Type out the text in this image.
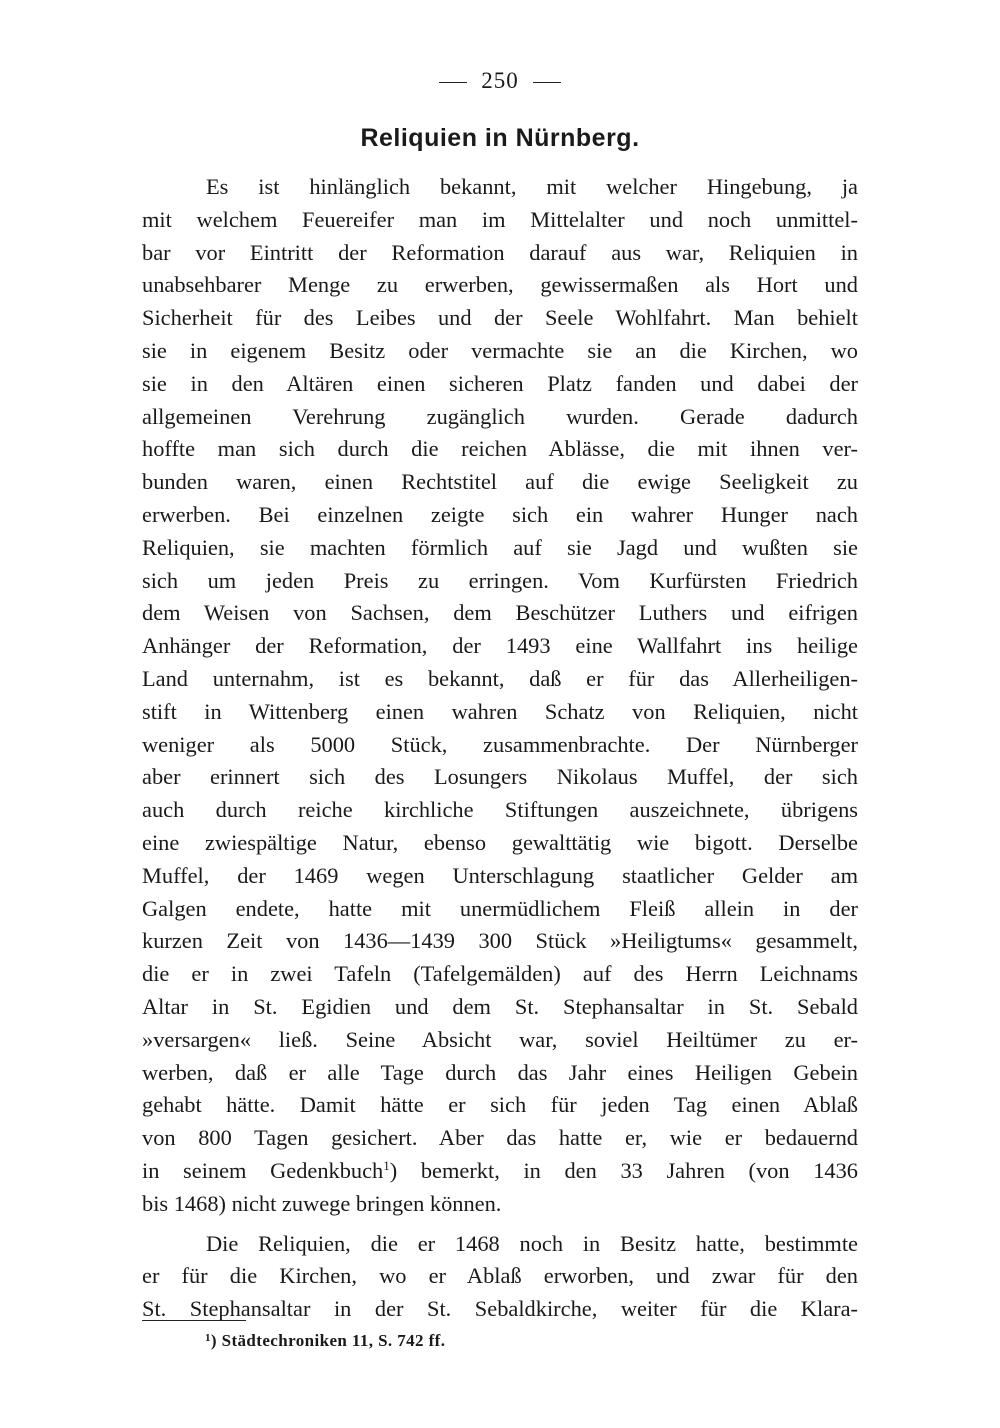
250
Reliquien in Nürnberg.
Es ist hinlänglich bekannt, mit welcher Hingebung, ja
mit welchem Feuereifer man im Mittelalter und noch unmittel-
bar vor Eintritt der Reformation darauf aus war, Reliquien in
unabsehbarer Menge zu erwerben, gewissermaßen als Hort und
Sicherheit für des Leibes und der Seele Wohlfahrt. Man behielt
sie in eigenem Besitz oder vermachte sie an die Kirchen, wo
sie in den Altären einen sicheren Platz fanden und dabei der
allgemeinen Verehrung zugänglich wurden. Gerade dadurch
hoffte man sich durch die reichen Ablässe, die mit ihnen ver-
bunden waren, einen Rechtstitel auf die ewige Seeligkeit zu
erwerben. Bei einzelnen zeigte sich ein wahrer Hunger nach
Reliquien, sie machten förmlich auf sie Jagd und wußten sie
sich um jeden Preis zu erringen. Vom Kurfürsten Friedrich
dem Weisen von Sachsen, dem Beschützer Luthers und eifrigen
Anhänger der Reformation, der 1493 eine Wallfahrt ins heilige
Land unternahm, ist es bekannt, daß er für das Allerheiligen-
stift in Wittenberg einen wahren Schatz von Reliquien, nicht
weniger als 5000 Stück, zusammenbrachte. Der Nürnberger
aber erinnert sich des Losungers Nikolaus Muffel, der sich
auch durch reiche kirchliche Stiftungen auszeichnete, übrigens
eine zwiespältige Natur, ebenso gewalttätig wie bigott. Derselbe
Muffel, der 1469 wegen Unterschlagung staatlicher Gelder am
Galgen endete, hatte mit unermüdlichem Fleiß allein in der
kurzen Zeit von 1436—1439 300 Stück »Heiligtums« gesammelt,
die er in zwei Tafeln (Tafelgemälden) auf des Herrn Leichnams
Altar in St. Egidien und dem St. Stephansaltar in St. Sebald
»versargen« ließ. Seine Absicht war, soviel Heiltümer zu er-
werben, daß er alle Tage durch das Jahr eines Heiligen Gebein
gehabt hätte. Damit hätte er sich für jeden Tag einen Ablaß
von 800 Tagen gesichert. Aber das hatte er, wie er bedauernd
in seinem Gedenkbuch$^1$) bemerkt, in den 33 Jahren (von 1436
bis 1468) nicht zuwege bringen können.
Die Reliquien, die er 1468 noch in Besitz hatte, bestimmte
er für die Kirchen, wo er Ablaß erworben, und zwar für den
St. Stephansaltar in der St. Sebaldkirche, weiter für die Klara-
$^1$) Städtechroniken 11, S. 742 ff.
